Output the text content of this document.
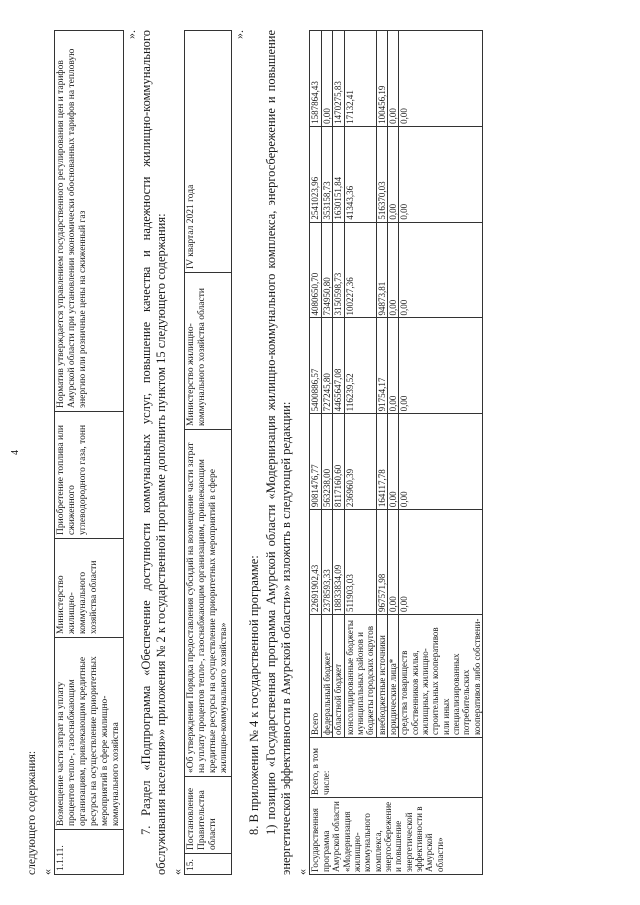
4

следующего содержания: «
1.1.11.	Возмещение части затрат на уплату процентов тепло-, газоснабжающим организациям, привлекающим кредитные ресурсы на осуществление приоритетных мероприятий в сфере жилищно-коммунального хозяйства	Министерство жилищно-коммунального хозяйства области	Приобретение топлива или сжиженного углеводородного газа, тонн	Норматив утверждается управлением государственного регулирования цен и тарифов Амурской области при установлении экономически обоснованных тарифов на тепловую энергию или розничные цены на сжиженный газ
». 7. Раздел «Подпрограмма «Обеспечение доступности коммунальных услуг, повышение качества и надежности жилищно-коммунального обслуживания населения»» приложения № 2 к государственной программе дополнить пунктом 15 следующего содержания: «
15.	Постановление Правительства области	«Об утверждении Порядка предоставления субсидий на возмещение части затрат на уплату процентов тепло-, газоснабжающим организациям, привлекающим кредитные ресурсы на осуществление приоритетных мероприятий в сфере жилищно-коммунального хозяйства»	Министерство жилищно-коммунального хозяйства области	IV квартал 2021 года
».

8. В приложении № 4 к государственной программе: 1) позицию «Государственная программа Амурской области «Модернизация жилищно-коммунального комплекса, энергосбережение и повышение энергетической эффективности в Амурской области»» изложить в следующей редакции: « Государственная программа Амурской области «Модернизация жилищно-коммунального комплекса, энергосбережение и повышение энергетической эффективности в Амурской области»	Всего, в том числе:	Всего	22691902,43	9081476,77	5400886,57	4080650,70	2541023,96	1587864,43
		федеральный бюджет	2378593,33	563238,00	727245,80	734950,80	353158,73	0,00
		областной бюджет	18833834,09	8117160,60	4465647,08	3150598,73	1630151,84	1470275,83
		консолидированные бюджеты муниципальных районов и бюджеты городских округов	511903,03	236960,39	116239,52	100227,36	41343,36	17132,41
		внебюджетные источники	967571,98	164117,78	91754,17	94873,81	516370,03	100456,19
		юридические лица*	0,00	0,00	0,00	0,00	0,00	0,00
		средства товариществ собственников жилья, жилищных, жилищно-строительных кооперативов или иных специализированных потребительских кооперативов либо собствени-	0,00	0,00	0,00	0,00	0,00	0,00
